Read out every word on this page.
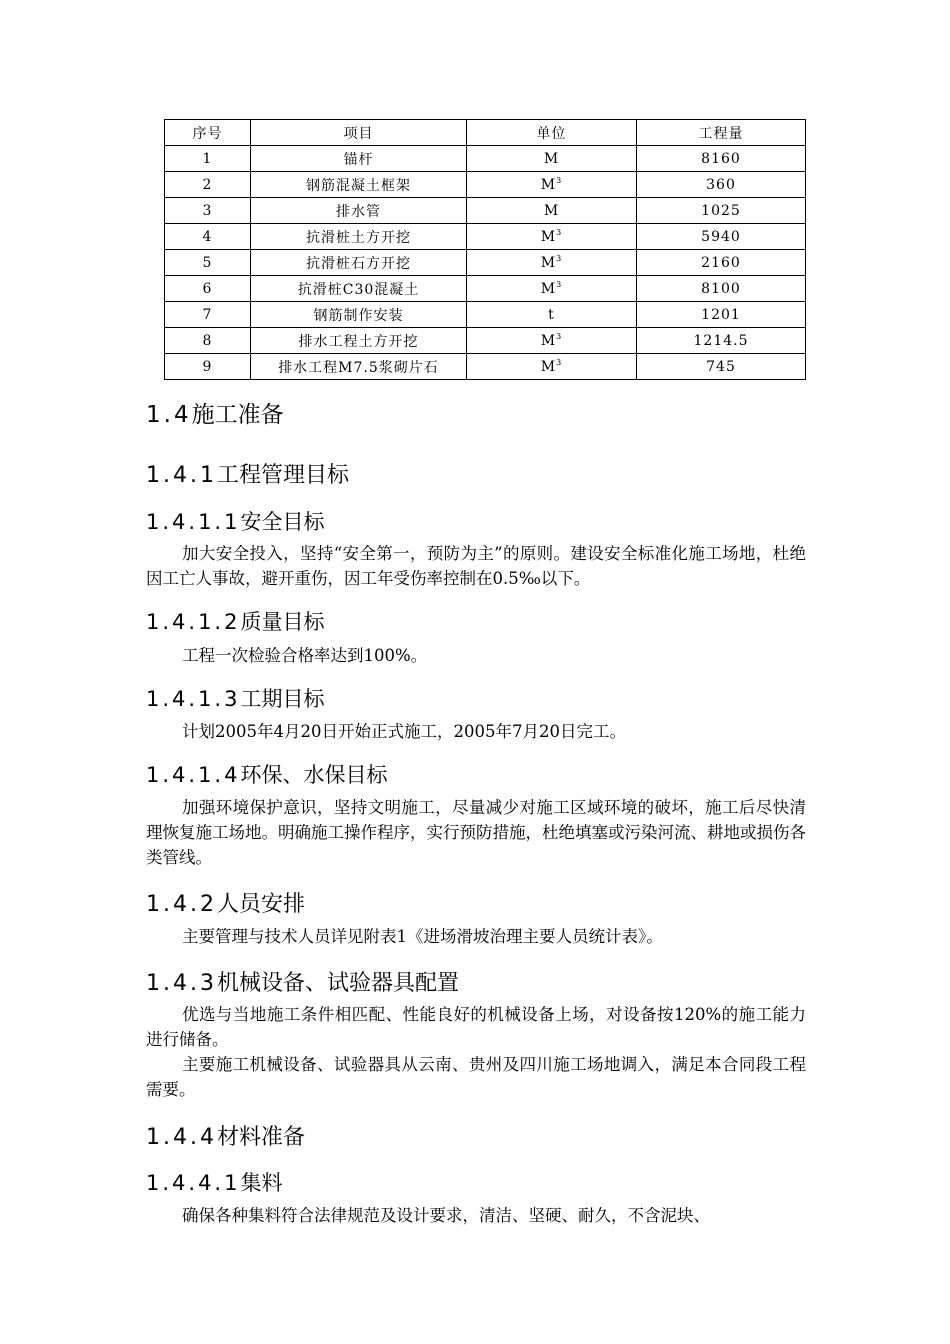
序号	项目	单位	工程量
1	锚杆	M	8160
2	钢筋混凝土框架	$M^3$	360
3	排水管	M	1025
4	抗滑桩土方开挖	$M^3$	5940
5	抗滑桩石方开挖	$M^3$	2160
6	抗滑桩C30混凝土	$M^3$	8100
7	钢筋制作安装	t	1201
8	排水工程土方开挖	$M^3$	1214.5
9	排水工程M7.5浆砌片石	$M^3$	745
1.4施工准备
1.4.1工程管理目标
1.4.1.1安全目标
加大安全投入，坚持“安全第一，预防为主”的原则。建设安全标准化施工场地，杜绝因工亡人事故，避开重伤，因工年受伤率控制在0.5‰以下。
1.4.1.2质量目标
工程一次检验合格率达到100%。
1.4.1.3工期目标
计划2005年4月20日开始正式施工，2005年7月20日完工。
1.4.1.4环保、水保目标
加强环境保护意识，坚持文明施工，尽量减少对施工区域环境的破坏，施工后尽快清理恢复施工场地。明确施工操作程序，实行预防措施，杜绝填塞或污染河流、耕地或损伤各类管线。
1.4.2人员安排
主要管理与技术人员详见附表1《进场滑坡治理主要人员统计表》。
1.4.3机械设备、试验器具配置
优选与当地施工条件相匹配、性能良好的机械设备上场，对设备按120%的施工能力进行储备。
主要施工机械设备、试验器具从云南、贵州及四川施工场地调入，满足本合同段工程需要。
1.4.4材料准备
1.4.4.1集料
确保各种集料符合法律规范及设计要求，清洁、坚硬、耐久，不含泥块、
